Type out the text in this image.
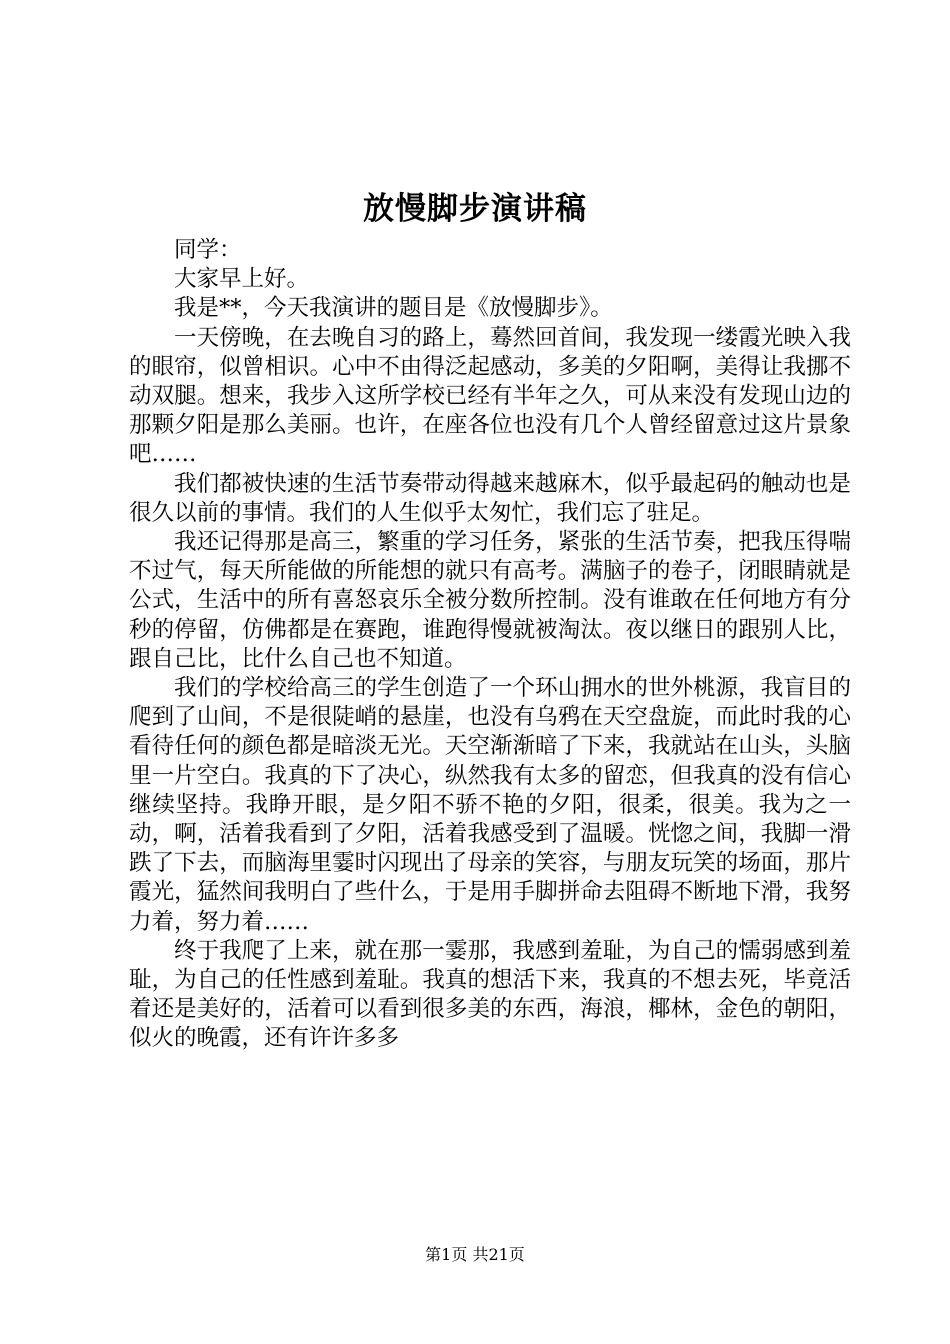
放慢脚步演讲稿

同学：

大家早上好。

我是**，今天我演讲的题目是《放慢脚步》。

一天傍晚，在去晚自习的路上，蓦然回首间，我发现一缕霞光映入我的眼帘，似曾相识。心中不由得泛起感动，多美的夕阳啊，美得让我挪不动双腿。想来，我步入这所学校已经有半年之久，可从来没有发现山边的那颗夕阳是那么美丽。也许，在座各位也没有几个人曾经留意过这片景象吧……

我们都被快速的生活节奏带动得越来越麻木，似乎最起码的触动也是很久以前的事情。我们的人生似乎太匆忙，我们忘了驻足。

我还记得那是高三，繁重的学习任务，紧张的生活节奏，把我压得喘不过气，每天所能做的所能想的就只有高考。满脑子的卷子，闭眼睛就是公式，生活中的所有喜怒哀乐全被分数所控制。没有谁敢在任何地方有分秒的停留，仿佛都是在赛跑，谁跑得慢就被淘汰。夜以继日的跟别人比，跟自己比，比什么自己也不知道。

我们的学校给高三的学生创造了一个环山拥水的世外桃源，我盲目的爬到了山间，不是很陡峭的悬崖，也没有乌鸦在天空盘旋，而此时我的心看待任何的颜色都是暗淡无光。天空渐渐暗了下来，我就站在山头，头脑里一片空白。我真的下了决心，纵然我有太多的留恋，但我真的没有信心继续坚持。我睁开眼，是夕阳不骄不艳的夕阳，很柔，很美。我为之一动，啊，活着我看到了夕阳，活着我感受到了温暖。恍惚之间，我脚一滑跌了下去，而脑海里霎时闪现出了母亲的笑容，与朋友玩笑的场面，那片霞光，猛然间我明白了些什么，于是用手脚拼命去阻碍不断地下滑，我努力着，努力着……

终于我爬了上来，就在那一霎那，我感到羞耻，为自己的懦弱感到羞耻，为自己的任性感到羞耻。我真的想活下来，我真的不想去死，毕竟活着还是美好的，活着可以看到很多美的东西，海浪，椰林，金色的朝阳，似火的晚霞，还有许许多多

第1页 共21页
